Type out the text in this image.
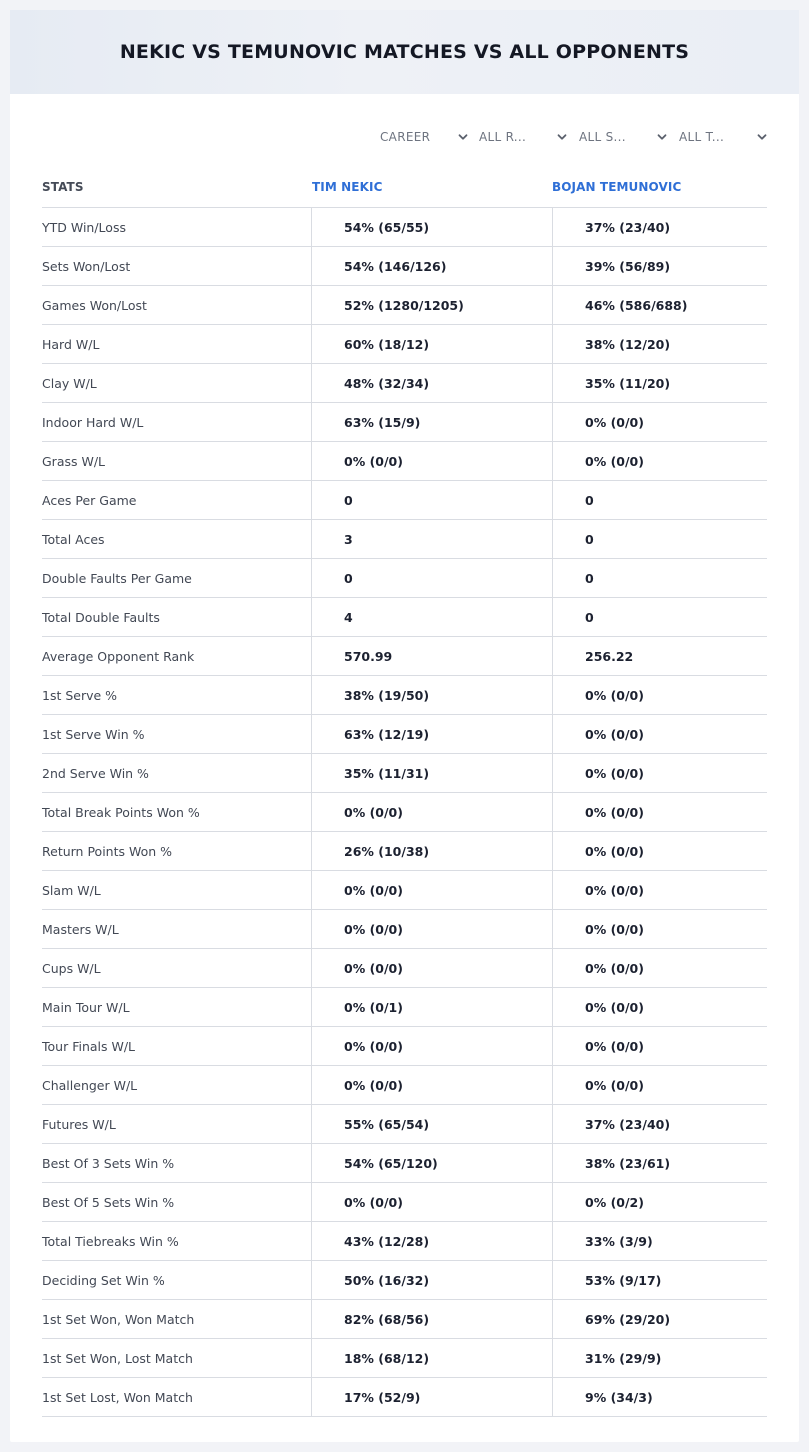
NEKIC VS TEMUNOVIC MATCHES VS ALL OPPONENTS
CAREER	ALL R...	ALL S...	ALL T...
STATS	TIM NEKIC	BOJAN TEMUNOVIC
YTD Win/Loss	54% (65/55)	37% (23/40)
Sets Won/Lost	54% (146/126)	39% (56/89)
Games Won/Lost	52% (1280/1205)	46% (586/688)
Hard W/L	60% (18/12)	38% (12/20)
Clay W/L	48% (32/34)	35% (11/20)
Indoor Hard W/L	63% (15/9)	0% (0/0)
Grass W/L	0% (0/0)	0% (0/0)
Aces Per Game	0	0
Total Aces	3	0
Double Faults Per Game	0	0
Total Double Faults	4	0
Average Opponent Rank	570.99	256.22
1st Serve %	38% (19/50)	0% (0/0)
1st Serve Win %	63% (12/19)	0% (0/0)
2nd Serve Win %	35% (11/31)	0% (0/0)
Total Break Points Won %	0% (0/0)	0% (0/0)
Return Points Won %	26% (10/38)	0% (0/0)
Slam W/L	0% (0/0)	0% (0/0)
Masters W/L	0% (0/0)	0% (0/0)
Cups W/L	0% (0/0)	0% (0/0)
Main Tour W/L	0% (0/1)	0% (0/0)
Tour Finals W/L	0% (0/0)	0% (0/0)
Challenger W/L	0% (0/0)	0% (0/0)
Futures W/L	55% (65/54)	37% (23/40)
Best Of 3 Sets Win %	54% (65/120)	38% (23/61)
Best Of 5 Sets Win %	0% (0/0)	0% (0/2)
Total Tiebreaks Win %	43% (12/28)	33% (3/9)
Deciding Set Win %	50% (16/32)	53% (9/17)
1st Set Won, Won Match	82% (68/56)	69% (29/20)
1st Set Won, Lost Match	18% (68/12)	31% (29/9)
1st Set Lost, Won Match	17% (52/9)	9% (34/3)
